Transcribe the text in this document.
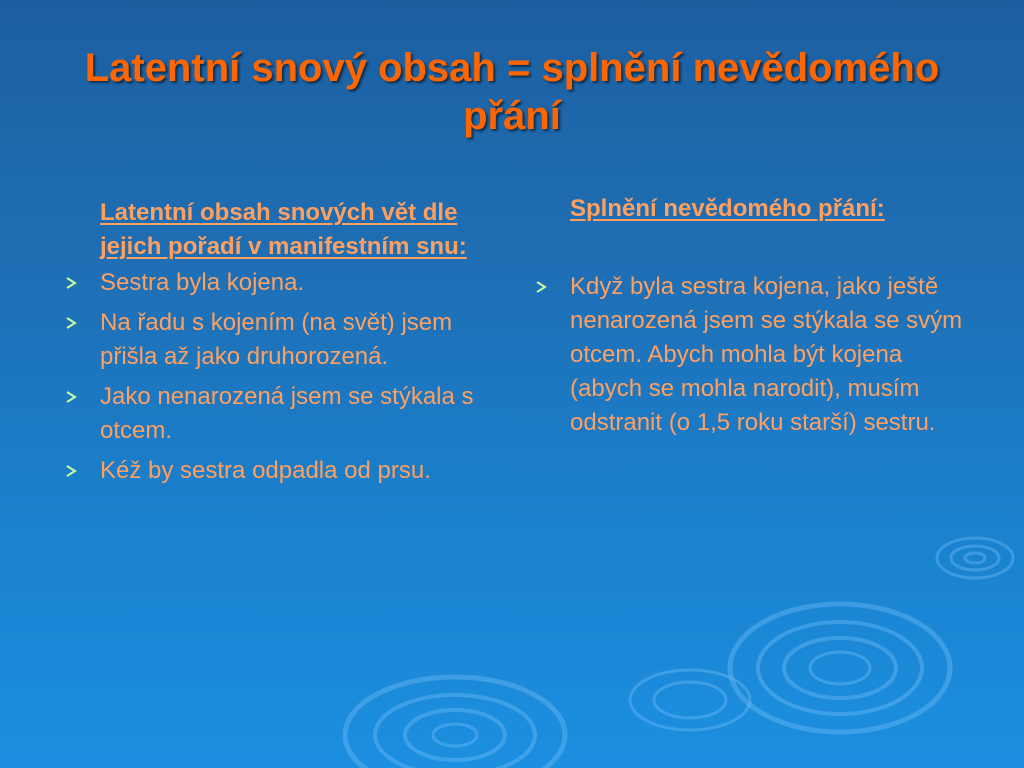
Latentní snový obsah = splnění nevědomého přání
Latentní obsah snových vět dle jejich pořadí v manifestním snu:
Sestra byla kojena.
Na řadu s kojením (na svět) jsem přišla až jako druhorozená.
Jako nenarozená jsem se stýkala s otcem.
Kéž by sestra odpadla od prsu.
Splnění nevědomého přání:
Když byla sestra kojena, jako ještě nenarozená jsem se stýkala se svým otcem. Abych mohla být kojena (abych se mohla narodit), musím odstranit (o 1,5 roku starší) sestru.
